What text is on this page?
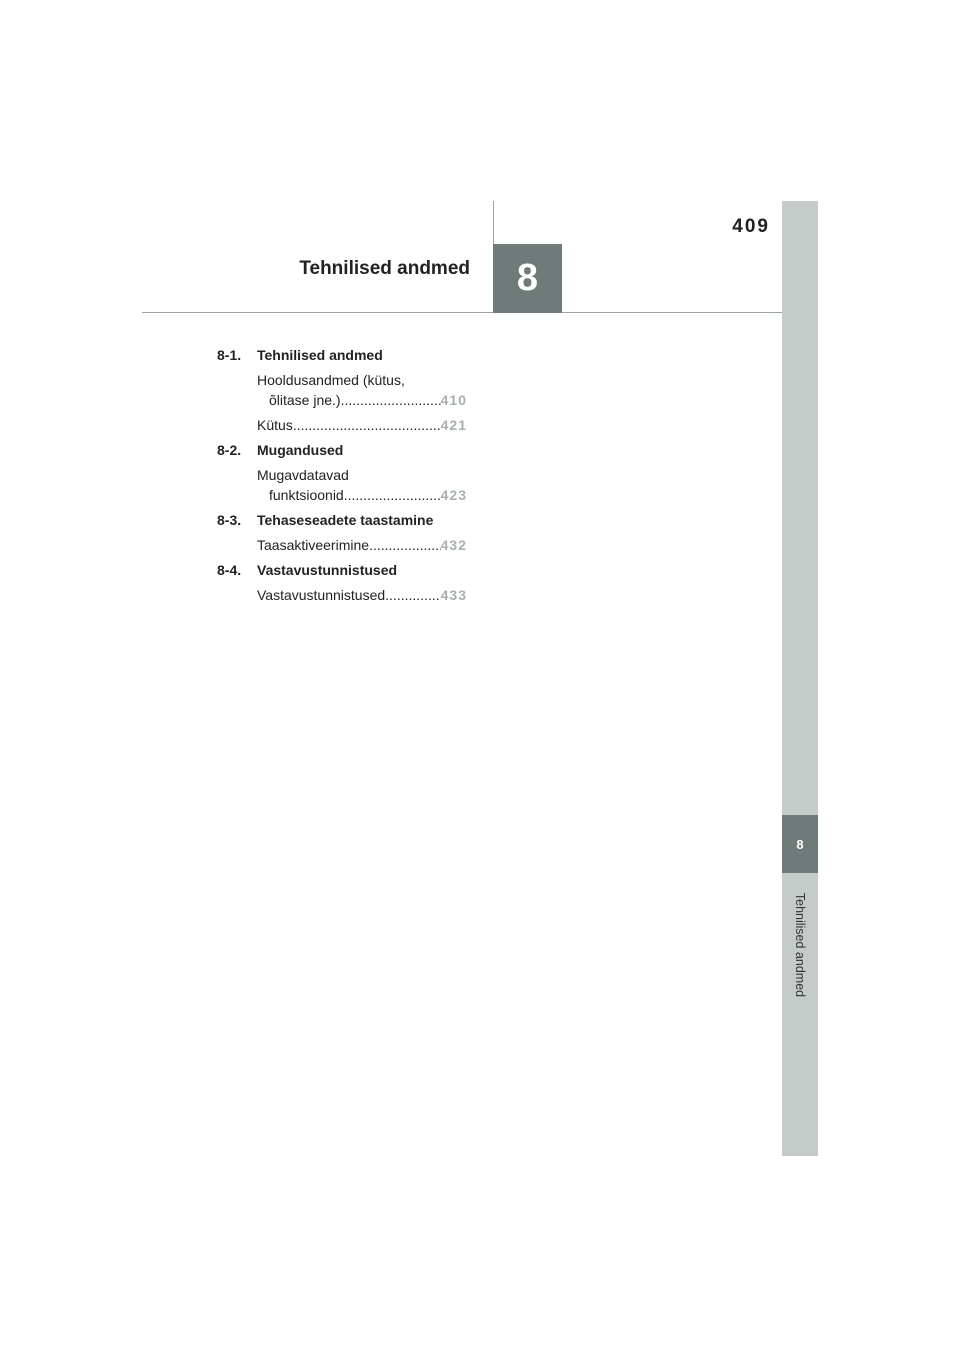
8
Tehnilised andmed
8
409
Tehnilised andmed
8-1. Tehnilised andmed
Hooldusandmed (kütus,
õlitase jne.) .....	410
Kütus .....	421
8-2. Mugandused
Mugavdatavad
funktsioonid .....	423
8-3. Tehaseseadete taastamine
Taasaktiveerimine .....	432
8-4. Vastavustunnistused
Vastavustunnistused .....	433
